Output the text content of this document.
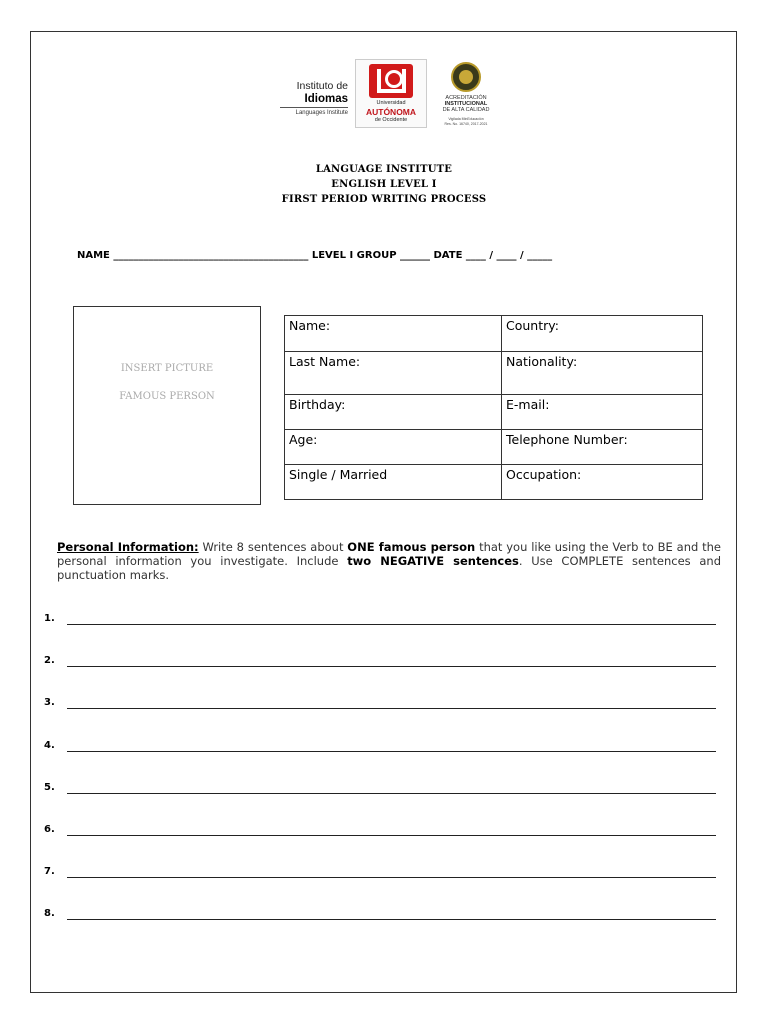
Instituto de
Idiomas
Languages Institute
Universidad
AUTÓNOMA
de Occidente
ACREDITACIÓN
INSTITUCIONAL
DE ALTA CALIDAD
Vigilada MinEducación
Res. No. 16740, 2017-2021
LANGUAGE INSTITUTE
ENGLISH LEVEL I
FIRST PERIOD WRITING PROCESS
NAME _______________________________________ LEVEL I GROUP ______ DATE ____ / ____ / _____
INSERT PICTURE
FAMOUS PERSON
Name:	Country:
Last Name:	Nationality:
Birthday:	E-mail:
Age:	Telephone Number:
Single / Married	Occupation:
Personal Information: Write 8 sentences about ONE famous person that you like using the Verb to BE and the personal information you investigate. Include two NEGATIVE sentences. Use COMPLETE sentences and punctuation marks.
1.
2.
3.
4.
5.
6.
7.
8.
